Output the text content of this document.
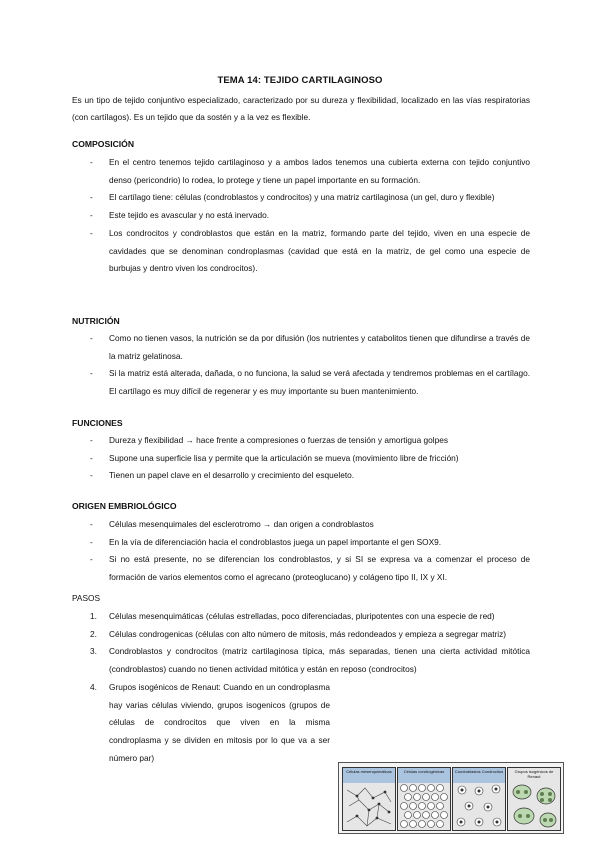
TEMA 14: TEJIDO CARTILAGINOSO
Es un tipo de tejido conjuntivo especializado, caracterizado por su dureza y flexibilidad, localizado en las vías respiratorias (con cartílagos). Es un tejido que da sostén y a la vez es flexible.
COMPOSICIÓN
- En el centro tenemos tejido cartilaginoso y a ambos lados tenemos una cubierta externa con tejido conjuntivo denso (pericondrio) lo rodea, lo protege y tiene un papel importante en su formación.
- El cartílago tiene: células (condroblastos y condrocitos) y una matriz cartilaginosa (un gel, duro y flexible)
- Este tejido es avascular y no está inervado.
- Los condrocitos y condroblastos que están en la matriz, formando parte del tejido, viven en una especie de cavidades que se denominan condroplasmas (cavidad que está en la matriz, de gel como una especie de burbujas y dentro viven los condrocitos).
NUTRICIÓN
- Como no tienen vasos, la nutrición se da por difusión (los nutrientes y catabolitos tienen que difundirse a través de la matriz gelatinosa.
- Si la matriz está alterada, dañada, o no funciona, la salud se verá afectada y tendremos problemas en el cartílago. El cartílago es muy difícil de regenerar y es muy importante su buen mantenimiento.
FUNCIONES
- Dureza y flexibilidad → hace frente a compresiones o fuerzas de tensión y amortigua golpes
- Supone una superficie lisa y permite que la articulación se mueva (movimiento libre de fricción)
- Tienen un papel clave en el desarrollo y crecimiento del esqueleto.
ORIGEN EMBRIOLÓGICO
- Células mesenquimales del esclerotromo → dan origen a condroblastos
- En la vía de diferenciación hacia el condroblastos juega un papel importante el gen SOX9.
- Si no está presente, no se diferencian los condroblastos, y si SI se expresa va a comenzar el proceso de formación de varios elementos como el agrecano (proteoglucano) y colágeno tipo II, IX y XI.
PASOS
1. Células mesenquimáticas (células estrelladas, poco diferenciadas, pluripotentes con una especie de red)
2. Células condrogenicas (células con alto número de mitosis, más redondeados y empieza a segregar matriz)
3. Condroblastos y condrocitos (matriz cartilaginosa típica, más separadas, tienen una cierta actividad mitótica (condroblastos) cuando no tienen actividad mitótica y están en reposo (condrocitos)
4. Grupos isogénicos de Renaut: Cuando en un condroplasma hay varias células viviendo, grupos isogenicos (grupos de células de condrocitos que viven en la misma condroplasma y se dividen en mitosis por lo que va a ser número par)
Células mesenquimáticas	Células condrogénicas	Condroblastos Condrocitos	Grupos isogénicos de Renaut
